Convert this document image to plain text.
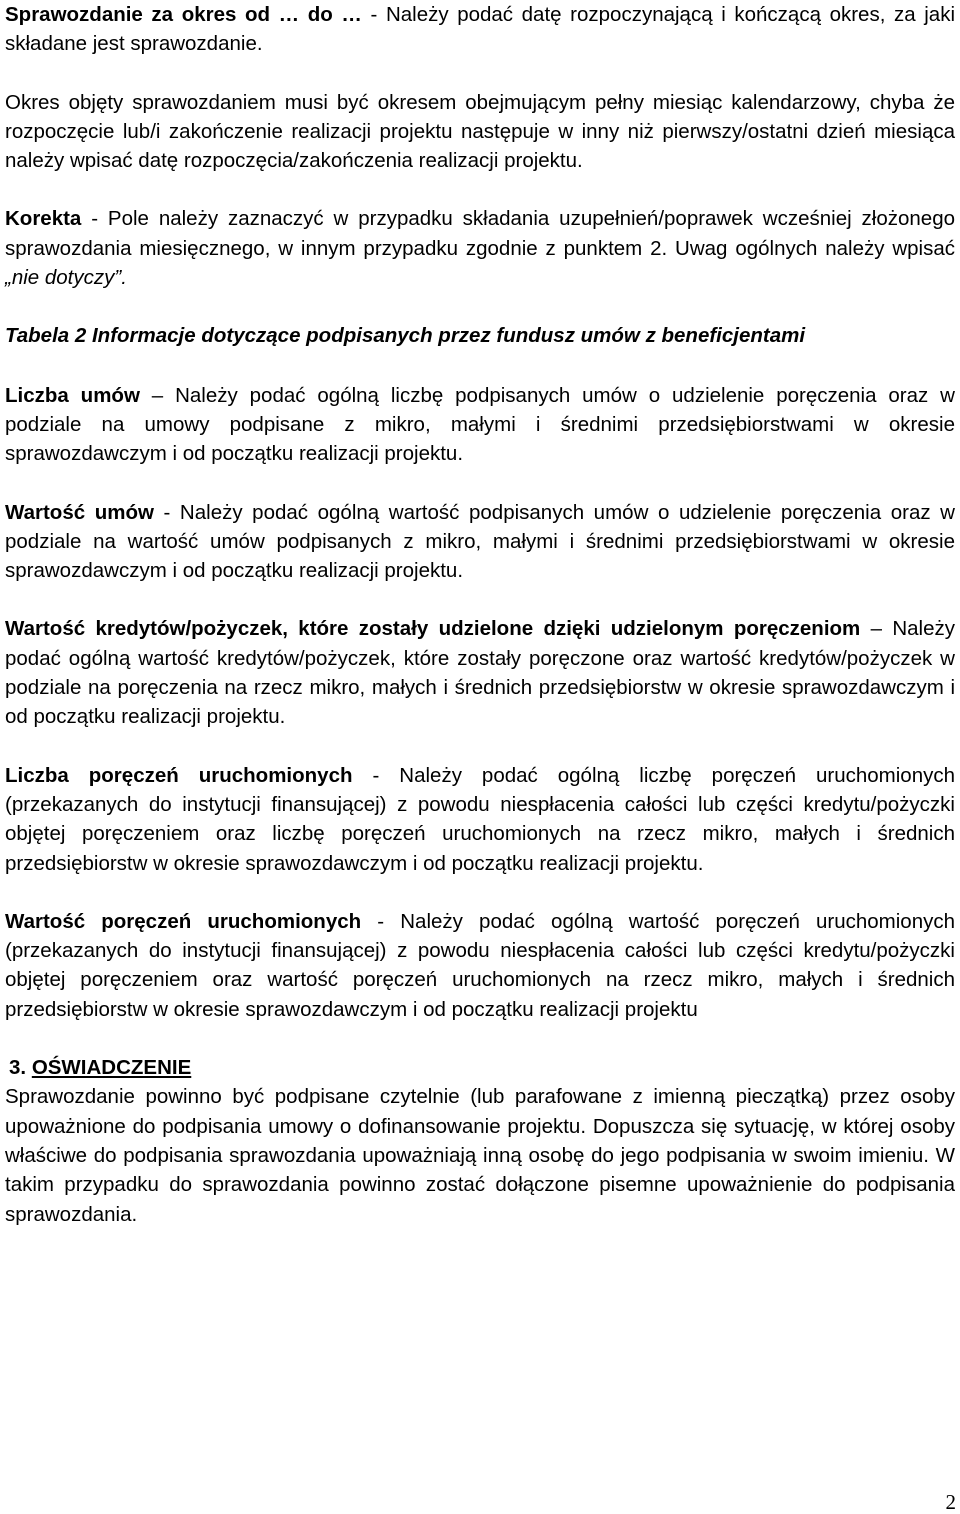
Sprawozdanie za okres od … do … - Należy podać datę rozpoczynającą i kończącą okres, za jaki składane jest sprawozdanie.

Okres objęty sprawozdaniem musi być okresem obejmującym pełny miesiąc kalendarzowy, chyba że rozpoczęcie lub/i zakończenie realizacji projektu następuje w inny niż pierwszy/ostatni dzień miesiąca należy wpisać datę rozpoczęcia/zakończenia realizacji projektu.

Korekta - Pole należy zaznaczyć w przypadku składania uzupełnień/poprawek wcześniej złożonego sprawozdania miesięcznego, w innym przypadku zgodnie z punktem 2. Uwag ogólnych należy wpisać „nie dotyczy”.

Tabela 2 Informacje dotyczące podpisanych przez fundusz umów z beneficjentami

Liczba umów – Należy podać ogólną liczbę podpisanych umów o udzielenie poręczenia oraz w podziale na umowy podpisane z mikro, małymi i średnimi przedsiębiorstwami w okresie sprawozdawczym i od początku realizacji projektu.

Wartość umów - Należy podać ogólną wartość podpisanych umów o udzielenie poręczenia oraz w podziale na wartość umów podpisanych z mikro, małymi i średnimi przedsiębiorstwami w okresie sprawozdawczym i od początku realizacji projektu.

Wartość kredytów/pożyczek, które zostały udzielone dzięki udzielonym poręczeniom – Należy podać ogólną wartość kredytów/pożyczek, które zostały poręczone oraz wartość kredytów/pożyczek w podziale na poręczenia na rzecz mikro, małych i średnich przedsiębiorstw w okresie sprawozdawczym i od początku realizacji projektu.

Liczba poręczeń uruchomionych - Należy podać ogólną liczbę poręczeń uruchomionych (przekazanych do instytucji finansującej) z powodu niespłacenia całości lub części kredytu/pożyczki objętej poręczeniem oraz liczbę poręczeń uruchomionych na rzecz mikro, małych i średnich przedsiębiorstw w okresie sprawozdawczym i od początku realizacji projektu.

Wartość poręczeń uruchomionych - Należy podać ogólną wartość poręczeń uruchomionych (przekazanych do instytucji finansującej) z powodu niespłacenia całości lub części kredytu/pożyczki objętej poręczeniem oraz wartość poręczeń uruchomionych na rzecz mikro, małych i średnich przedsiębiorstw w okresie sprawozdawczym i od początku realizacji projektu

3. OŚWIADCZENIE

Sprawozdanie powinno być podpisane czytelnie (lub parafowane z imienną pieczątką) przez osoby upoważnione do podpisania umowy o dofinansowanie projektu. Dopuszcza się sytuację, w której osoby właściwe do podpisania sprawozdania upoważniają inną osobę do jego podpisania w swoim imieniu. W takim przypadku do sprawozdania powinno zostać dołączone pisemne upoważnienie do podpisania sprawozdania.

2
